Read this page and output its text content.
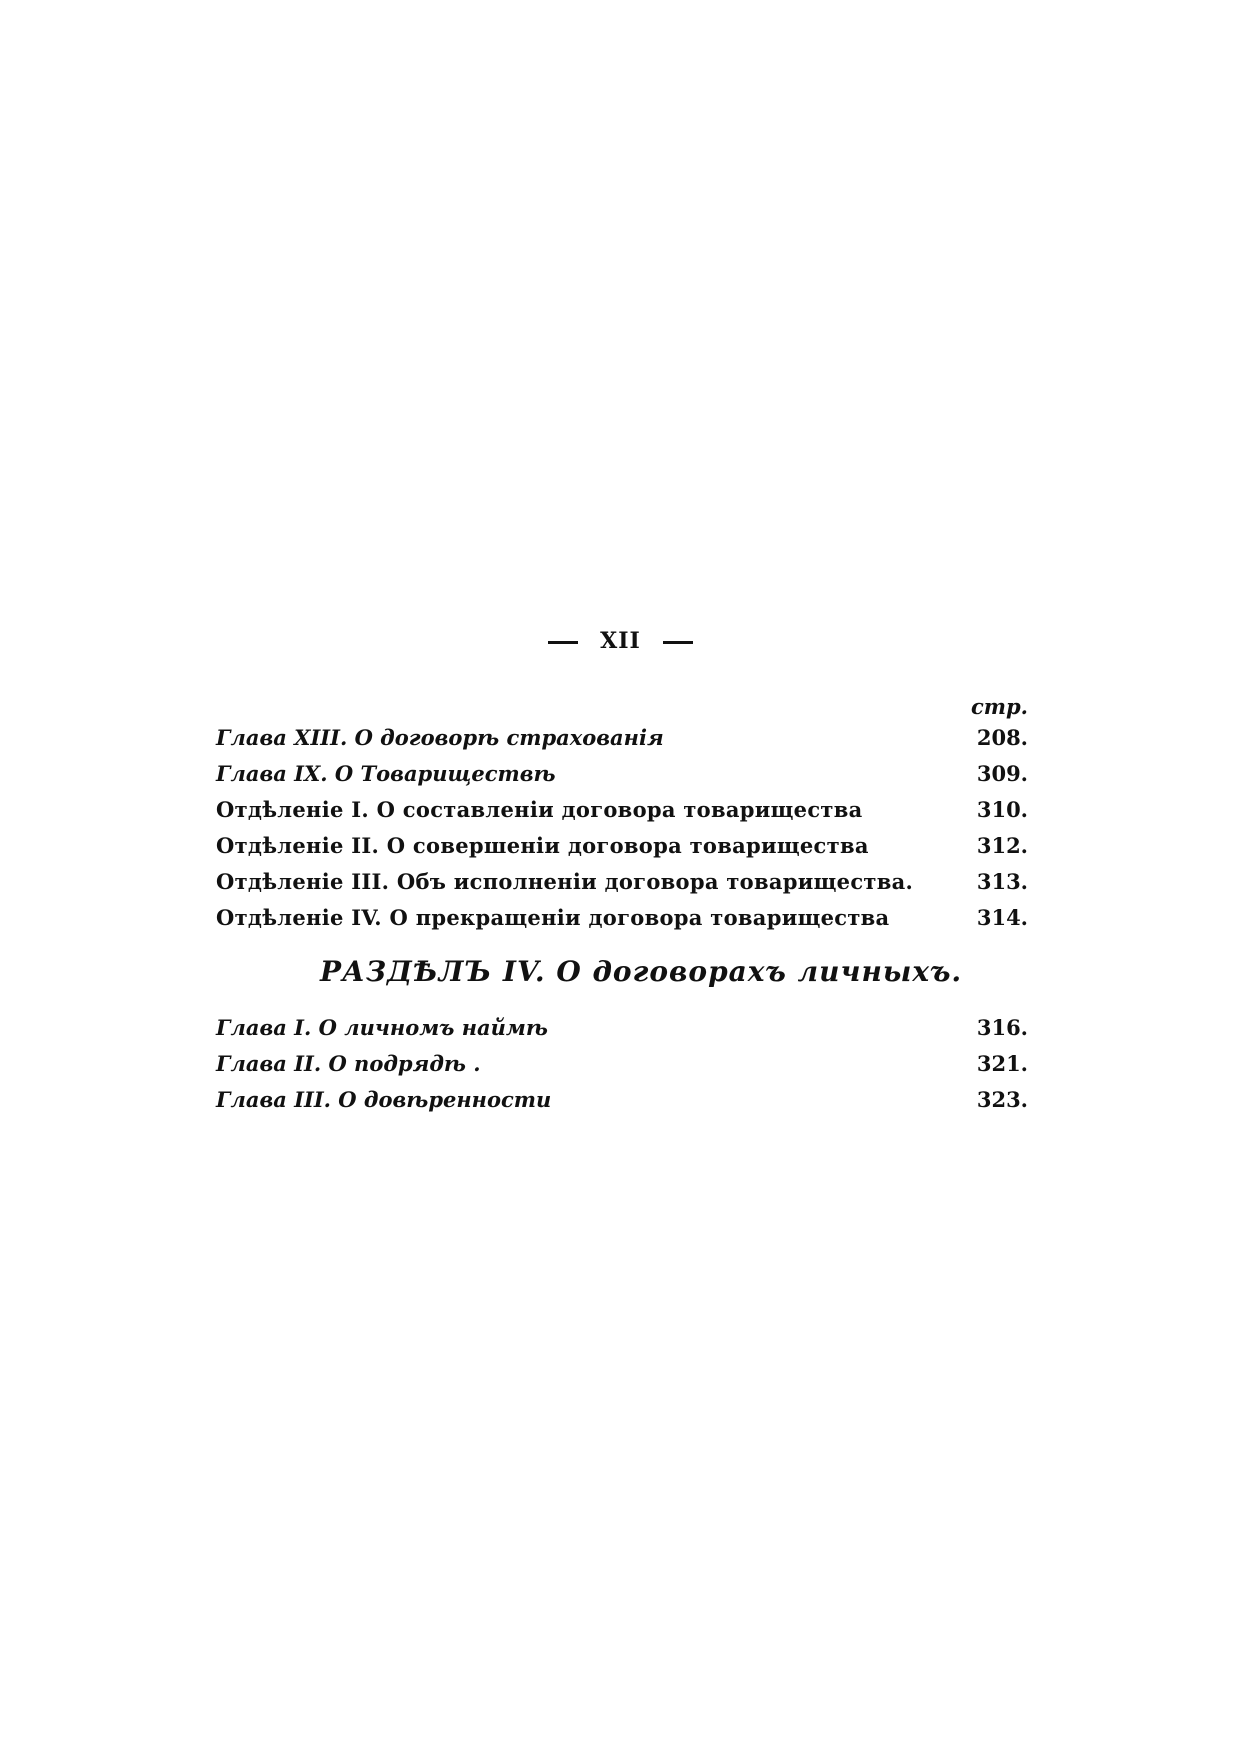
XII
стр.
Глава XIII. О договорѣ страхованія	208.
Глава IX. О Товариществѣ	309.
Отдѣленіе I. О составленіи договора товарищества	310.
Отдѣленіе II. О совершеніи договора товарищества	312.
Отдѣленіе III. Объ исполненіи договора товарищества.	313.
Отдѣленіе IV. О прекращеніи договора товарищества	314.
РАЗДѢЛЪ IV. О договорахъ личныхъ.
Глава I. О личномъ наймѣ	316.
Глава II. О подрядѣ .	321.
Глава III. О довѣренности	323.
